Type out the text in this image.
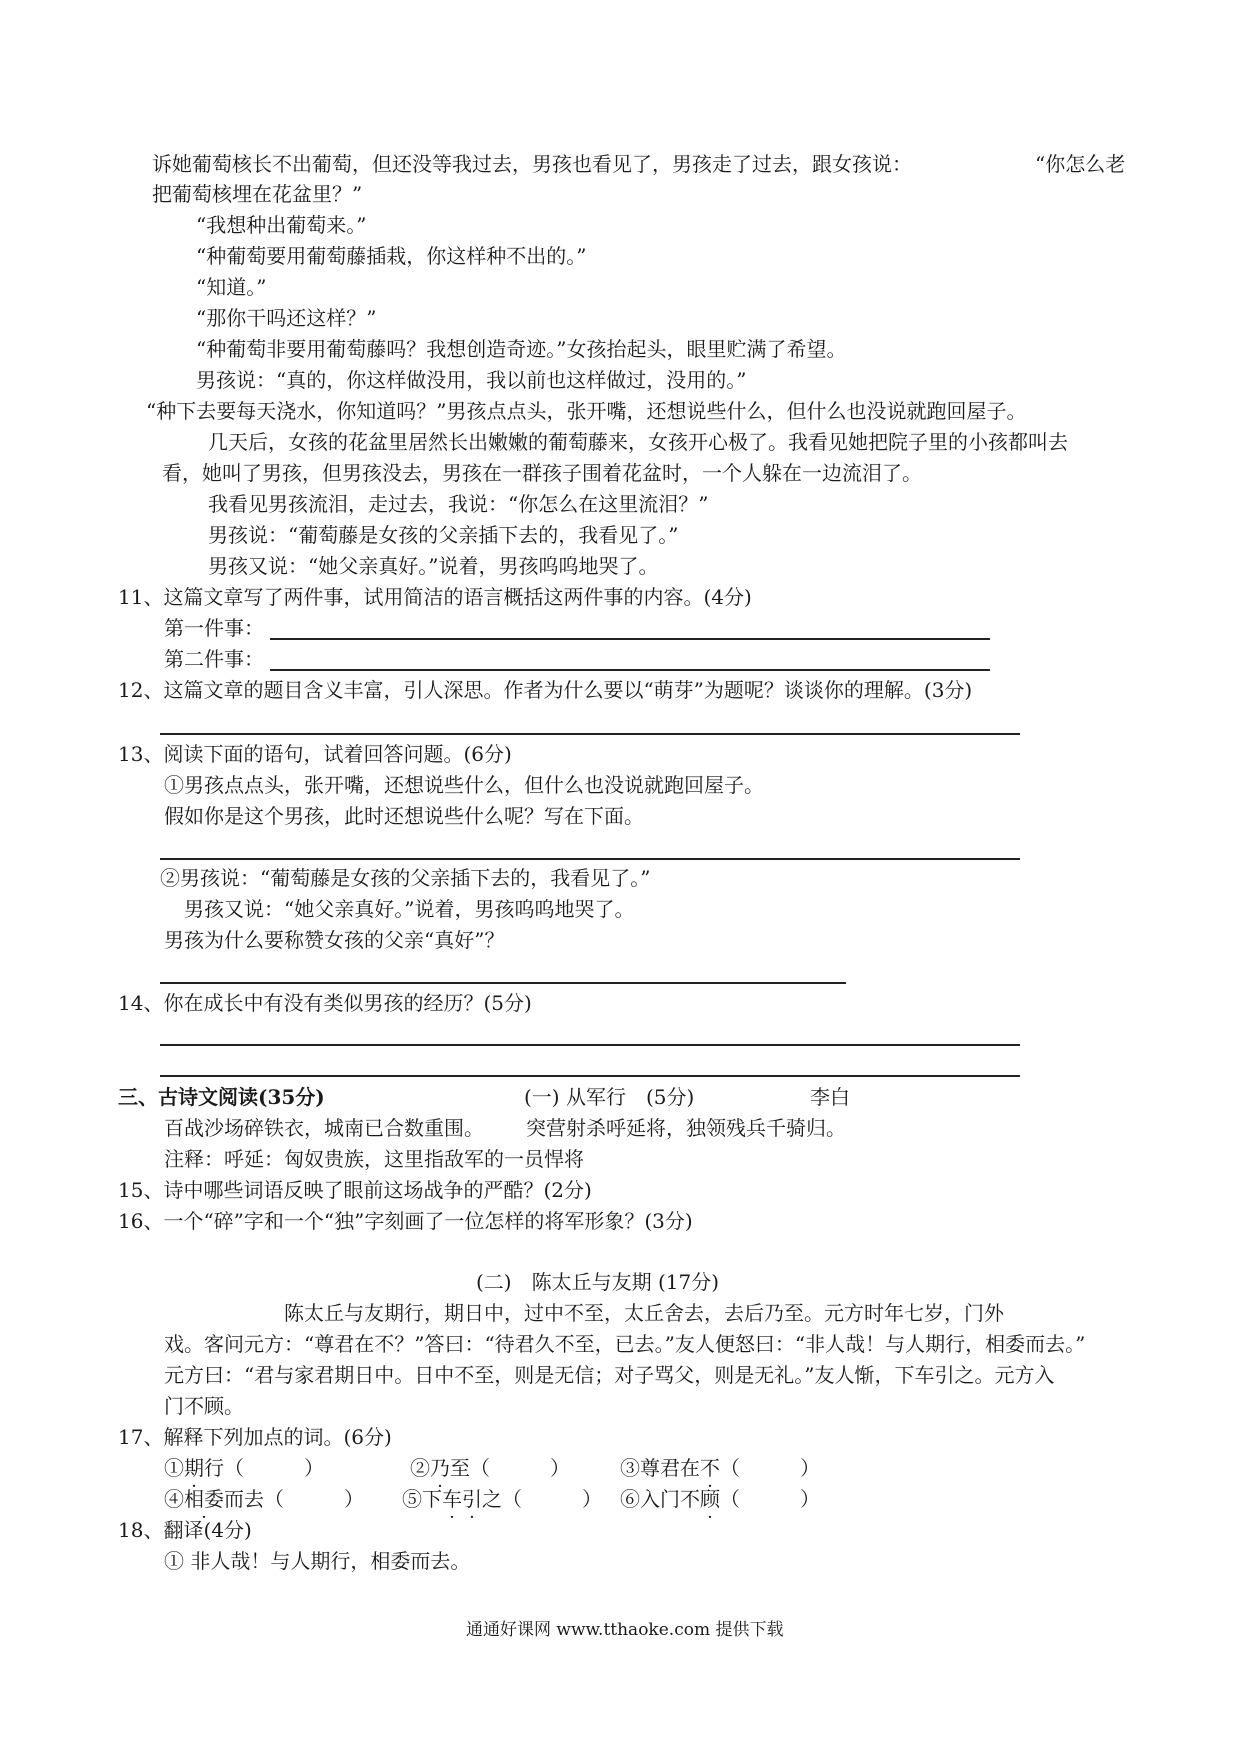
诉她葡萄核长不出葡萄，但还没等我过去，男孩也看见了，男孩走了过去，跟女孩说：	“你怎么老
把葡萄核埋在花盆里？”
“我想种出葡萄来。”
“种葡萄要用葡萄藤插栽，你这样种不出的。”
“知道。”
“那你干吗还这样？”
“种葡萄非要用葡萄藤吗？我想创造奇迹。”女孩抬起头，眼里贮满了希望。
男孩说：“真的，你这样做没用，我以前也这样做过，没用的。”
“种下去要每天浇水，你知道吗？”男孩点点头，张开嘴，还想说些什么，但什么也没说就跑回屋子。
几天后，女孩的花盆里居然长出嫩嫩的葡萄藤来，女孩开心极了。我看见她把院子里的小孩都叫去
看，她叫了男孩，但男孩没去，男孩在一群孩子围着花盆时，一个人躲在一边流泪了。
我看见男孩流泪，走过去，我说：“你怎么在这里流泪？”
男孩说：“葡萄藤是女孩的父亲插下去的，我看见了。”
男孩又说：“她父亲真好。”说着，男孩呜呜地哭了。
11、这篇文章写了两件事，试用简洁的语言概括这两件事的内容。(4分)
第一件事：
第二件事：
12、这篇文章的题目含义丰富，引人深思。作者为什么要以“萌芽”为题呢？谈谈你的理解。(3分)
13、阅读下面的语句，试着回答问题。(6分)
①男孩点点头，张开嘴，还想说些什么，但什么也没说就跑回屋子。
假如你是这个男孩，此时还想说些什么呢？写在下面。
②男孩说：“葡萄藤是女孩的父亲插下去的，我看见了。”
男孩又说：“她父亲真好。”说着，男孩呜呜地哭了。
男孩为什么要称赞女孩的父亲“真好”？
14、你在成长中有没有类似男孩的经历？(5分)
三、古诗文阅读(35分)	(一) 从军行　(5分)	李白
百战沙场碎铁衣，城南已合数重围。 突营射杀呼延将，独领残兵千骑归。
注释：呼延：匈奴贵族，这里指敌军的一员悍将
15、诗中哪些词语反映了眼前这场战争的严酷？(2分)
16、一个“碎”字和一个“独”字刻画了一位怎样的将军形象？(3分)
(二)　陈太丘与友期 (17分)
陈太丘与友期行，期日中，过中不至，太丘舍去，去后乃至。元方时年七岁，门外
戏。客问元方：“尊君在不？”答曰：“待君久不至，已去。”友人便怒曰：“非人哉！与人期行，相委而去。”
元方曰：“君与家君期日中。日中不至，则是无信；对子骂父，则是无礼。”友人惭，下车引之。元方入
门不顾。
17、解释下列加点的词。(6分)
①期行（　　　）	②乃至（　　　）	③尊君在不（　　　）
④相委而去（　　　） ⑤下车引之（　　　） ⑥入门不顾（　　　）
18、翻译(4分)
① 非人哉！与人期行，相委而去。
通通好课网 www.tthaoke.com 提供下载
